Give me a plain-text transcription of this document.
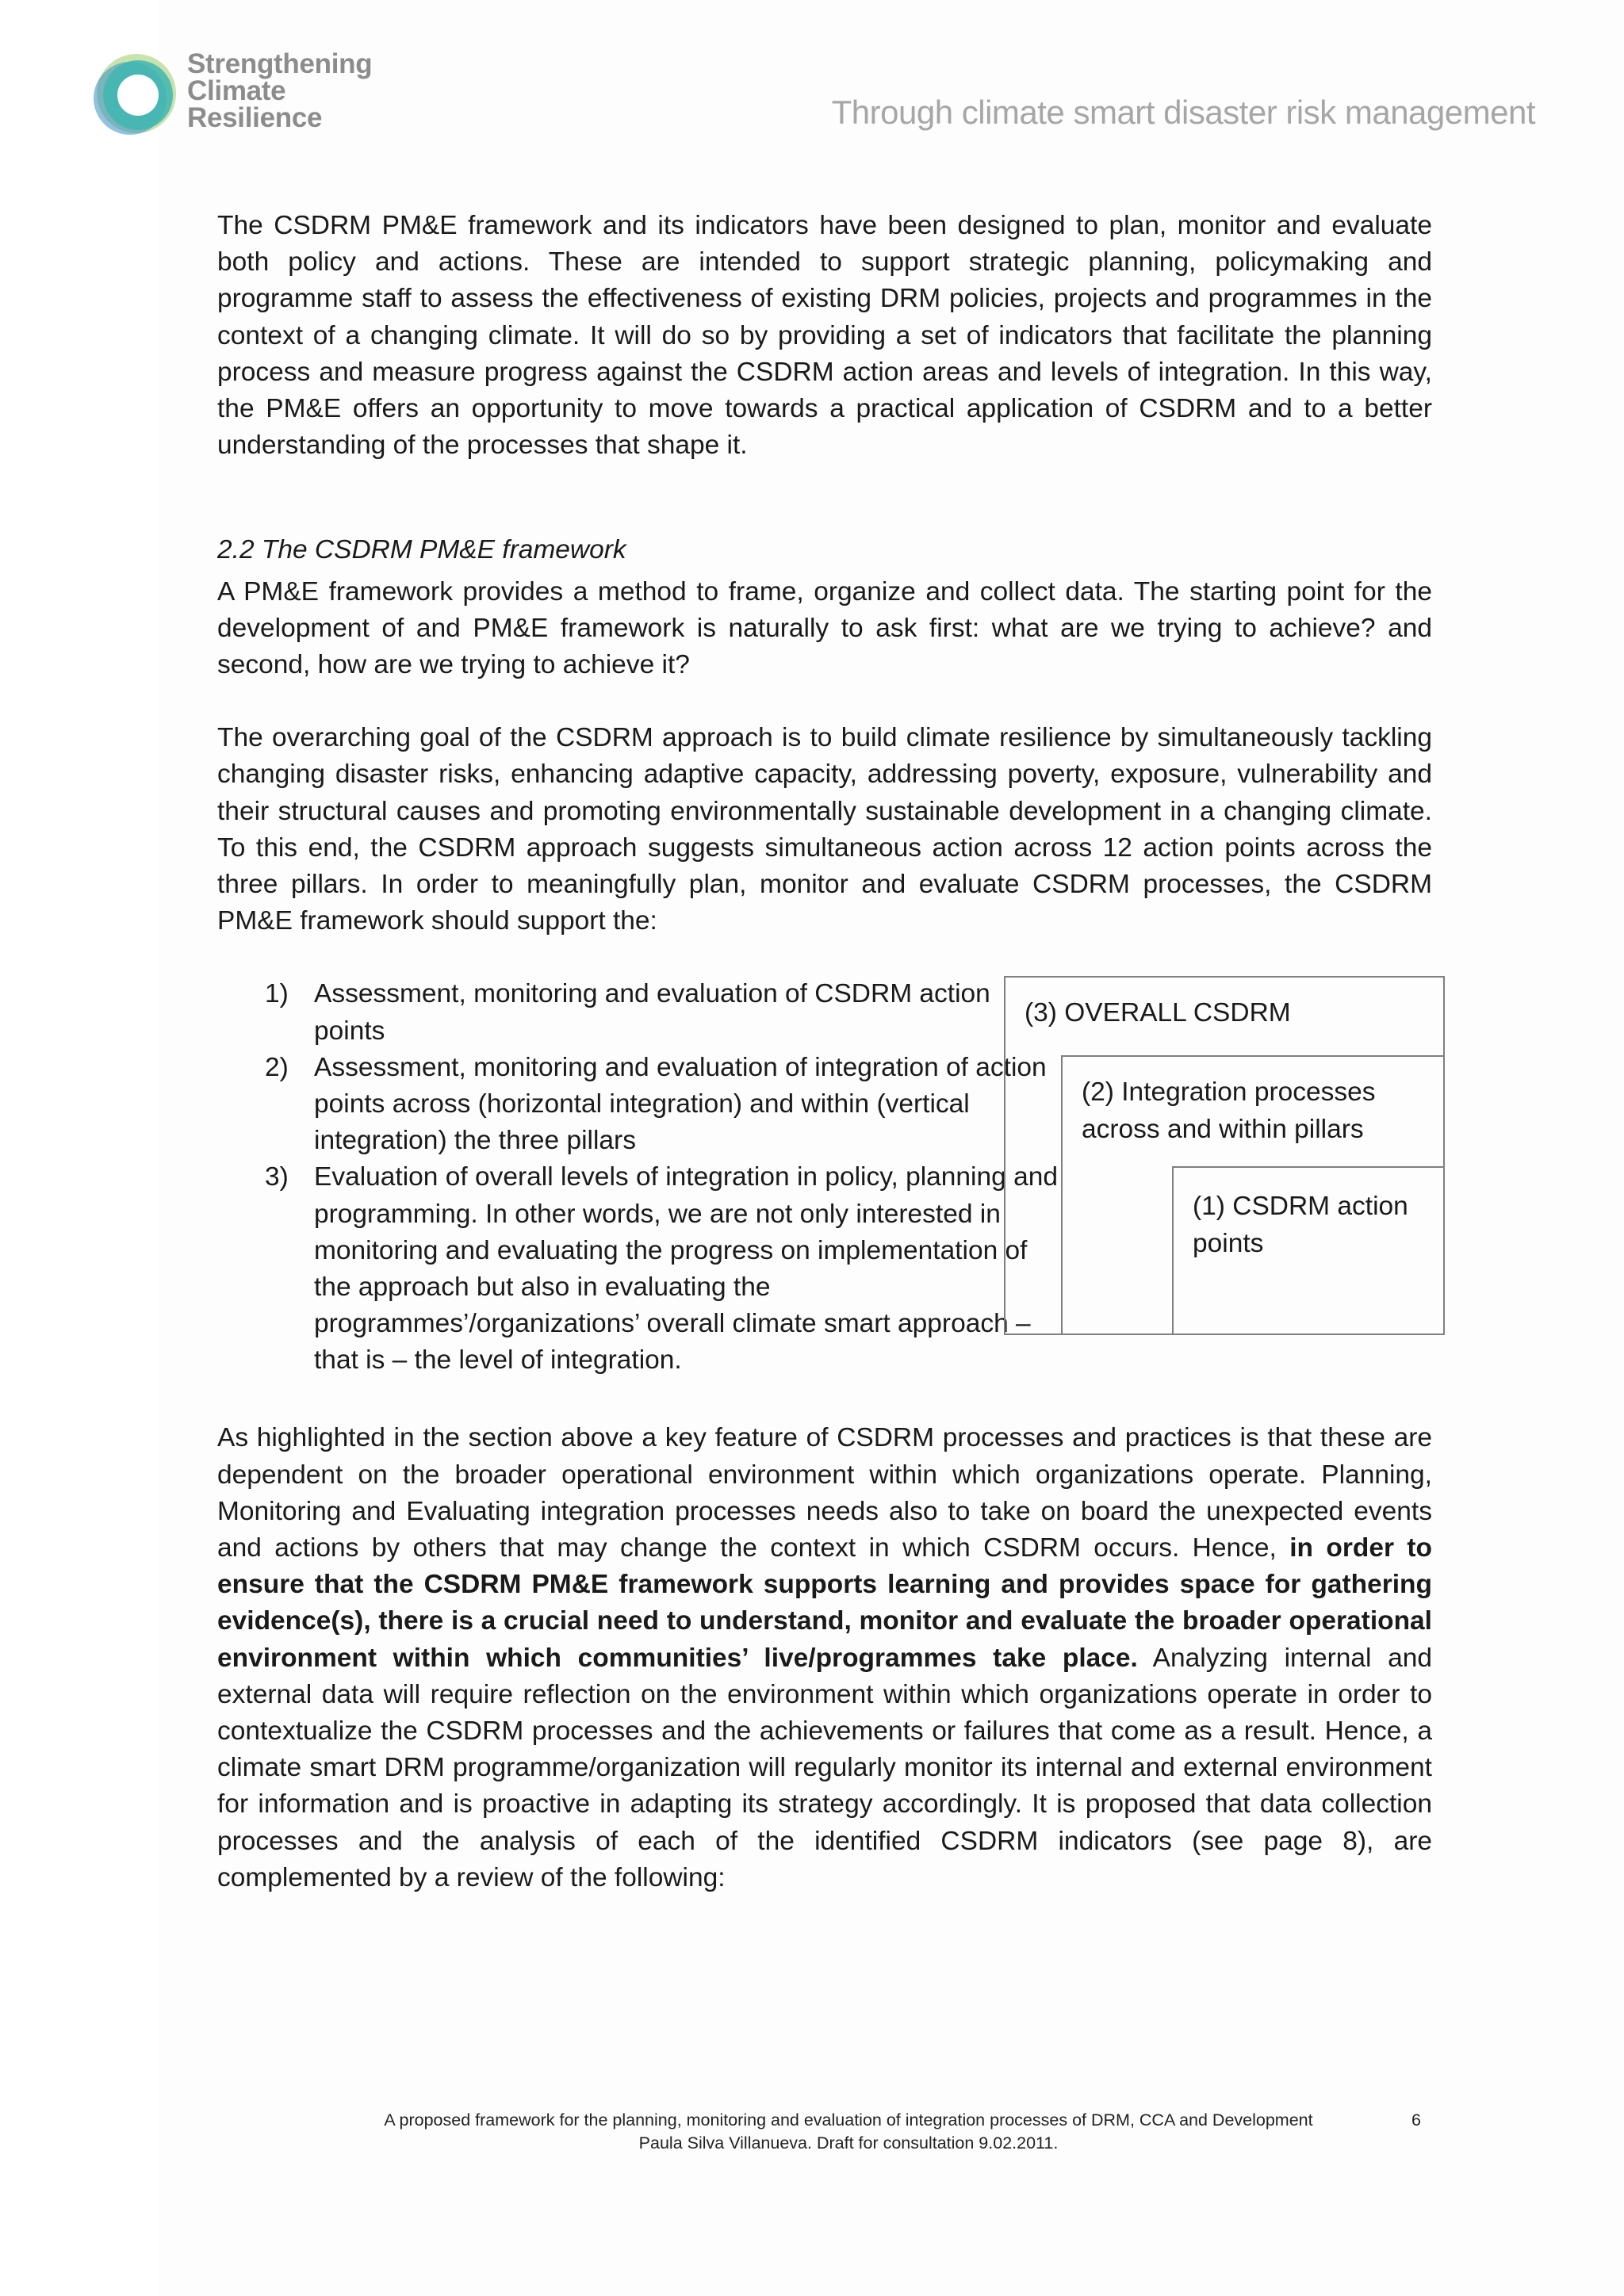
Strengthening
Climate
Resilience	Through climate smart disaster risk management

The CSDRM PM&E framework and its indicators have been designed to plan, monitor and evaluate both policy and actions. These are intended to support strategic planning, policymaking and programme staff to assess the effectiveness of existing DRM policies, projects and programmes in the context of a changing climate. It will do so by providing a set of indicators that facilitate the planning process and measure progress against the CSDRM action areas and levels of integration. In this way, the PM&E offers an opportunity to move towards a practical application of CSDRM and to a better understanding of the processes that shape it.

2.2 The CSDRM PM&E framework

A PM&E framework provides a method to frame, organize and collect data. The starting point for the development of and PM&E framework is naturally to ask first: what are we trying to achieve? and second, how are we trying to achieve it?

The overarching goal of the CSDRM approach is to build climate resilience by simultaneously tackling changing disaster risks, enhancing adaptive capacity, addressing poverty, exposure, vulnerability and their structural causes and promoting environmentally sustainable development in a changing climate. To this end, the CSDRM approach suggests simultaneous action across 12 action points across the three pillars. In order to meaningfully plan, monitor and evaluate CSDRM processes, the CSDRM PM&E framework should support the:

1) Assessment, monitoring and evaluation of CSDRM action points
2) Assessment, monitoring and evaluation of integration of action points across (horizontal integration) and within (vertical integration) the three pillars
3) Evaluation of overall levels of integration in policy, planning and programming. In other words, we are not only interested in monitoring and evaluating the progress on implementation of the approach but also in evaluating the programmes’/organizations’ overall climate smart approach – that is – the level of integration.
(3) OVERALL CSDRM
(2) Integration processes across and within pillars
(1) CSDRM action points

As highlighted in the section above a key feature of CSDRM processes and practices is that these are dependent on the broader operational environment within which organizations operate. Planning, Monitoring and Evaluating integration processes needs also to take on board the unexpected events and actions by others that may change the context in which CSDRM occurs. Hence, in order to ensure that the CSDRM PM&E framework supports learning and provides space for gathering evidence(s), there is a crucial need to understand, monitor and evaluate the broader operational environment within which communities’ live/programmes take place. Analyzing internal and external data will require reflection on the environment within which organizations operate in order to contextualize the CSDRM processes and the achievements or failures that come as a result. Hence, a climate smart DRM programme/organization will regularly monitor its internal and external environment for information and is proactive in adapting its strategy accordingly. It is proposed that data collection processes and the analysis of each of the identified CSDRM indicators (see page 8), are complemented by a review of the following:

A proposed framework for the planning, monitoring and evaluation of integration processes of DRM, CCA and Development
Paula Silva Villanueva. Draft for consultation 9.02.2011.
6
